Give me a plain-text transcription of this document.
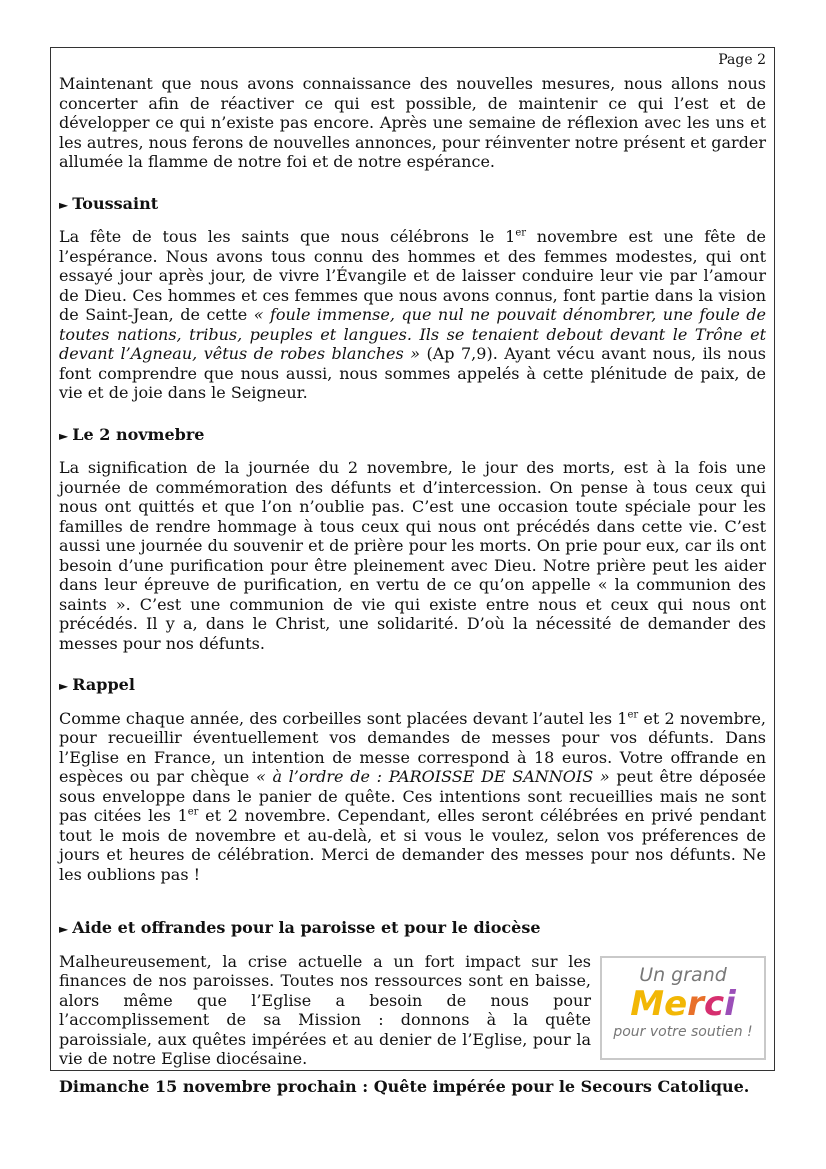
Page 2

Maintenant que nous avons connaissance des nouvelles mesures, nous allons nous concerter afin de réactiver ce qui est possible, de maintenir ce qui l’est et de développer ce qui n’existe pas encore. Après une semaine de réflexion avec les uns et les autres, nous ferons de nouvelles annonces, pour réinventer notre présent et garder allumée la flamme de notre foi et de notre espérance.

► Toussaint

La fête de tous les saints que nous célébrons le 1er novembre est une fête de l’espérance. Nous avons tous connu des hommes et des femmes modestes, qui ont essayé jour après jour, de vivre l’Évangile et de laisser conduire leur vie par l’amour de Dieu. Ces hommes et ces femmes que nous avons connus, font partie dans la vision de Saint-Jean, de cette « foule immense, que nul ne pouvait dénombrer, une foule de toutes nations, tribus, peuples et langues. Ils se tenaient debout devant le Trône et devant l’Agneau, vêtus de robes blanches » (Ap 7,9). Ayant vécu avant nous, ils nous font comprendre que nous aussi, nous sommes appelés à cette plénitude de paix, de vie et de joie dans le Seigneur.

► Le 2 novmebre

La signification de la journée du 2 novembre, le jour des morts, est à la fois une journée de commémoration des défunts et d’intercession. On pense à tous ceux qui nous ont quittés et que l’on n’oublie pas. C’est une occasion toute spéciale pour les familles de rendre hommage à tous ceux qui nous ont précédés dans cette vie. C’est aussi une journée du souvenir et de prière pour les morts. On prie pour eux, car ils ont besoin d’une purification pour être pleinement avec Dieu. Notre prière peut les aider dans leur épreuve de purification, en vertu de ce qu’on appelle « la communion des saints ». C’est une communion de vie qui existe entre nous et ceux qui nous ont précédés. Il y a, dans le Christ, une solidarité. D’où la nécessité de demander des messes pour nos défunts.

► Rappel

Comme chaque année, des corbeilles sont placées devant l’autel les 1er et 2 novembre, pour recueillir éventuellement vos demandes de messes pour vos défunts. Dans l’Eglise en France, un intention de messe correspond à 18 euros. Votre offrande en espèces ou par chèque « à l’ordre de : PAROISSE DE SANNOIS » peut être déposée sous enveloppe dans le panier de quête. Ces intentions sont recueillies mais ne sont pas citées les 1er et 2 novembre. Cependant, elles seront célébrées en privé pendant tout le mois de novembre et au-delà, et si vous le voulez, selon vos préferences de jours et heures de célébration. Merci de demander des messes pour nos défunts. Ne les oublions pas !

► Aide et offrandes pour la paroisse et pour le diocèse

Malheureusement, la crise actuelle a un fort impact sur les finances de nos paroisses. Toutes nos ressources sont en baisse, alors même que l’Eglise a besoin de nous pour l’accomplissement de sa Mission : donnons à la quête paroissiale, aux quêtes impérées et au denier de l’Eglise, pour la vie de notre Eglise diocésaine.

Un grand
Merci
pour votre soutien !

Dimanche 15 novembre prochain : Quête impérée pour le Secours Catolique.
